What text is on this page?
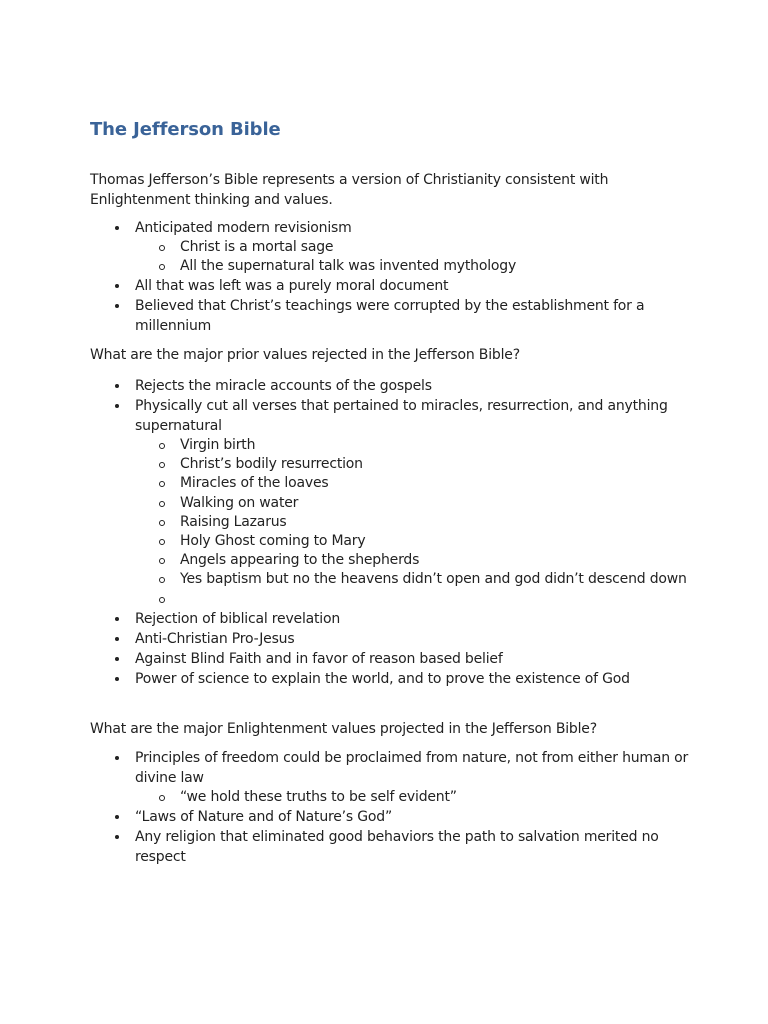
The Jefferson Bible

Thomas Jefferson’s Bible represents a version of Christianity consistent with Enlightenment thinking and values.

Anticipated modern revisionism
Christ is a mortal sage
All the supernatural talk was invented mythology
All that was left was a purely moral document
Believed that Christ’s teachings were corrupted by the establishment for a millennium

What are the major prior values rejected in the Jefferson Bible?

Rejects the miracle accounts of the gospels
Physically cut all verses that pertained to miracles, resurrection, and anything supernatural
Virgin birth
Christ’s bodily resurrection
Miracles of the loaves
Walking on water
Raising Lazarus
Holy Ghost coming to Mary
Angels appearing to the shepherds
Yes baptism but no the heavens didn’t open and god didn’t descend down
Rejection of biblical revelation
Anti-Christian Pro-Jesus
Against Blind Faith and in favor of reason based belief
Power of science to explain the world, and to prove the existence of God

What are the major Enlightenment values projected in the Jefferson Bible?

Principles of freedom could be proclaimed from nature, not from either human or divine law
“we hold these truths to be self evident”
“Laws of Nature and of Nature’s God”
Any religion that eliminated good behaviors the path to salvation merited no respect
